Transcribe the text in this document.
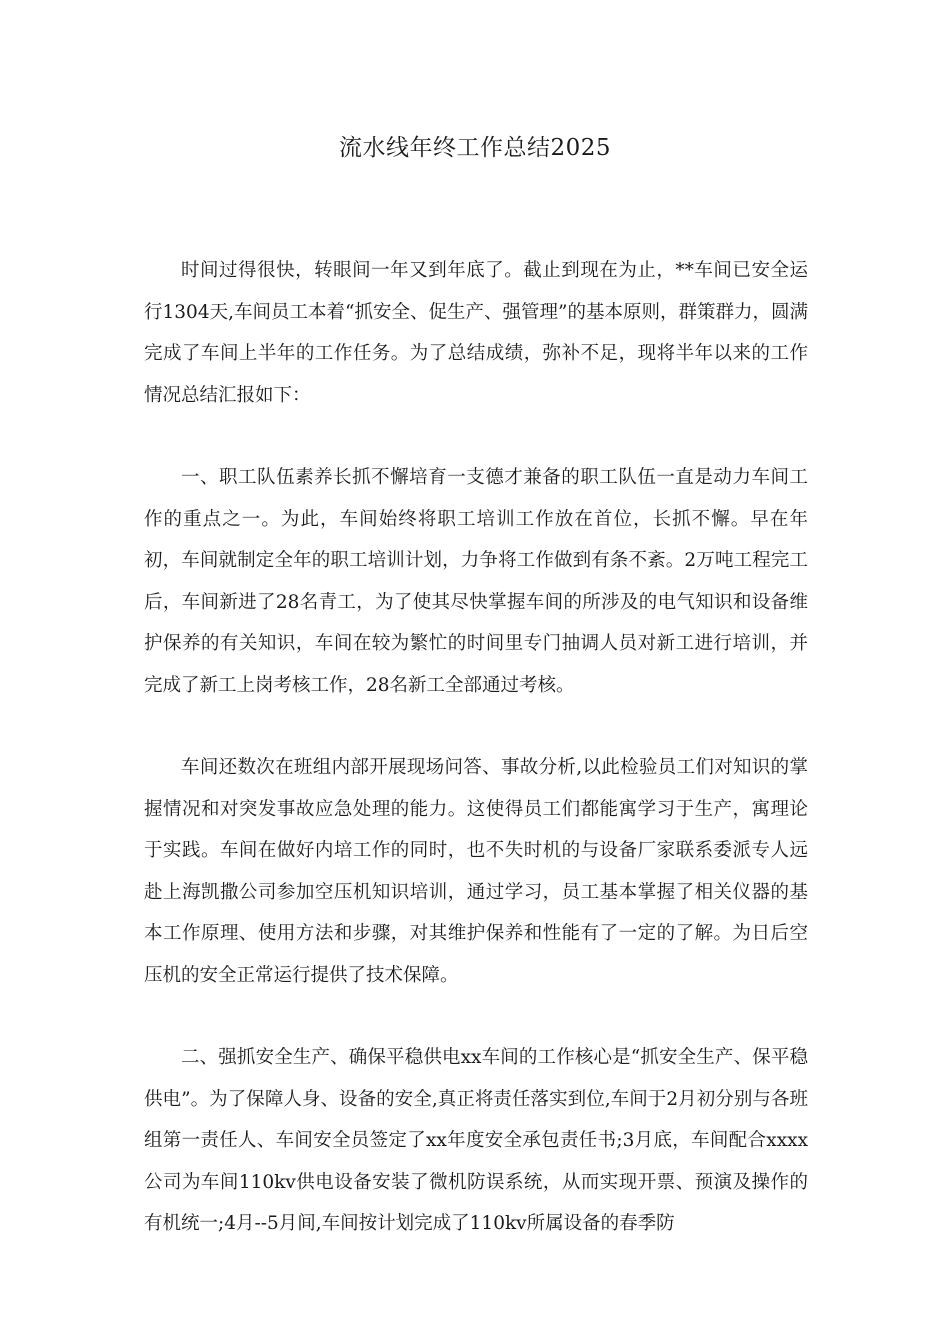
流水线年终工作总结2025

时间过得很快，转眼间一年又到年底了。截止到现在为止，**车间已安全运行1304天,车间员工本着“抓安全、促生产、强管理”的基本原则，群策群力，圆满完成了车间上半年的工作任务。为了总结成绩，弥补不足，现将半年以来的工作情况总结汇报如下：

一、职工队伍素养长抓不懈培育一支德才兼备的职工队伍一直是动力车间工作的重点之一。为此，车间始终将职工培训工作放在首位，长抓不懈。早在年初，车间就制定全年的职工培训计划，力争将工作做到有条不紊。2万吨工程完工后，车间新进了28名青工，为了使其尽快掌握车间的所涉及的电气知识和设备维护保养的有关知识，车间在较为繁忙的时间里专门抽调人员对新工进行培训，并完成了新工上岗考核工作，28名新工全部通过考核。

车间还数次在班组内部开展现场问答、事故分析,以此检验员工们对知识的掌握情况和对突发事故应急处理的能力。这使得员工们都能寓学习于生产，寓理论于实践。车间在做好内培工作的同时，也不失时机的与设备厂家联系委派专人远赴上海凯撒公司参加空压机知识培训，通过学习，员工基本掌握了相关仪器的基本工作原理、使用方法和步骤，对其维护保养和性能有了一定的了解。为日后空压机的安全正常运行提供了技术保障。

二、强抓安全生产、确保平稳供电xx车间的工作核心是“抓安全生产、保平稳供电”。为了保障人身、设备的安全,真正将责任落实到位,车间于2月初分别与各班组第一责任人、车间安全员签定了xx年度安全承包责任书;3月底，车间配合xxxx公司为车间110kv供电设备安装了微机防误系统，从而实现开票、预演及操作的有机统一;4月--5月间,车间按计划完成了110kv所属设备的春季防
